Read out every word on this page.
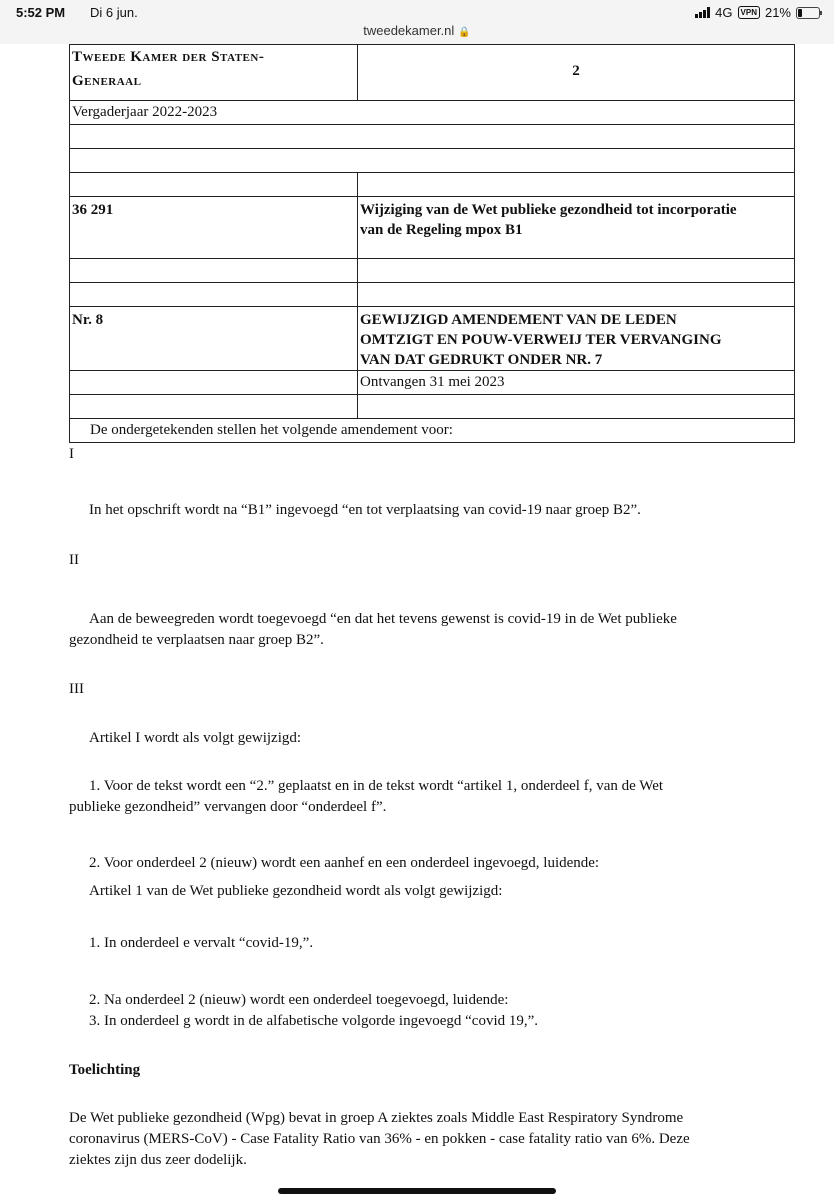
5:52 PM Di 6 jun.
tweedekamer.nl 🔒
4G	VPN 21%
Tweede Kamer der Staten-
Generaal	2
Vergaderjaar 2022-2023	

36 291	Wijziging van de Wet publieke gezondheid tot incorporatie
van de Regeling mpox B1

Nr. 8	GEWIJZIGD AMENDEMENT VAN DE LEDEN
OMTZIGT EN POUW-VERWEIJ TER VERVANGING
VAN DAT GEDRUKT ONDER NR. 7

	Ontvangen 31 mei 2023

De ondergetekenden stellen het volgende amendement voor:	
I
In het opschrift wordt na “B1” ingevoegd “en tot verplaatsing van covid-19 naar groep B2”.
II
Aan de beweegreden wordt toegevoegd “en dat het tevens gewenst is covid-19 in de Wet publieke
gezondheid te verplaatsen naar groep B2”.
III
Artikel I wordt als volgt gewijzigd:
1. Voor de tekst wordt een “2.” geplaatst en in de tekst wordt “artikel 1, onderdeel f, van de Wet
publieke gezondheid” vervangen door “onderdeel f”.
2. Voor onderdeel 2 (nieuw) wordt een aanhef en een onderdeel ingevoegd, luidende:
Artikel 1 van de Wet publieke gezondheid wordt als volgt gewijzigd:
1. In onderdeel e vervalt “covid-19,”.
2. Na onderdeel 2 (nieuw) wordt een onderdeel toegevoegd, luidende:
3. In onderdeel g wordt in de alfabetische volgorde ingevoegd “covid 19,”.
Toelichting
De Wet publieke gezondheid (Wpg) bevat in groep A ziektes zoals Middle East Respiratory Syndrome
coronavirus (MERS-CoV) - Case Fatality Ratio van 36% - en pokken - case fatality ratio van 6%. Deze
ziektes zijn dus zeer dodelijk.
